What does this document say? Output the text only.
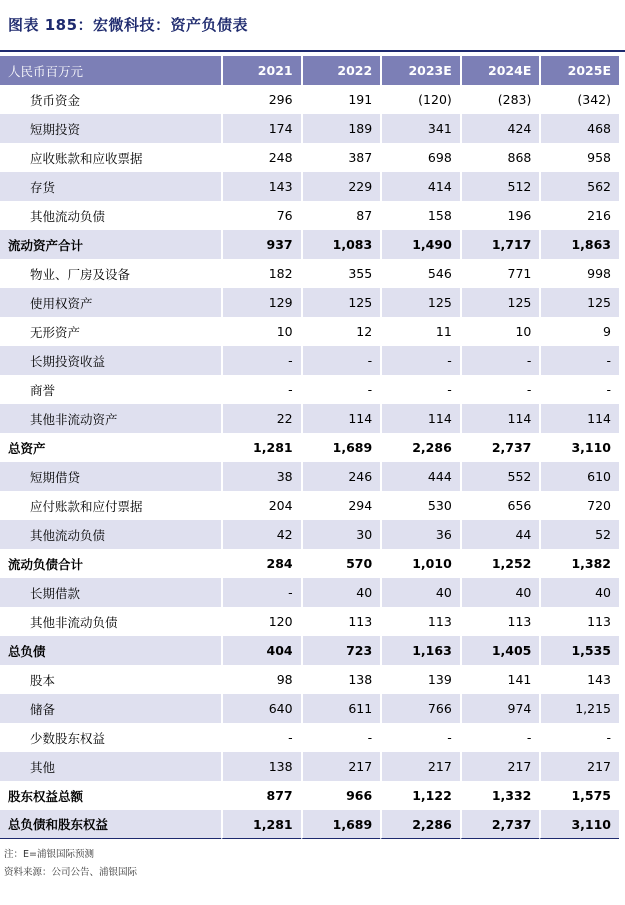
图表 185：宏微科技：资产负债表
人民币百万元	2021	2022	2023E	2024E	2025E
货币资金	296	191	(120)	(283)	(342)
短期投资	174	189	341	424	468
应收账款和应收票据	248	387	698	868	958
存货	143	229	414	512	562
其他流动负债	76	87	158	196	216
流动资产合计	937	1,083	1,490	1,717	1,863
物业、厂房及设备	182	355	546	771	998
使用权资产	129	125	125	125	125
无形资产	10	12	11	10	9
长期投资收益	-	-	-	-	-
商誉	-	-	-	-	-
其他非流动资产	22	114	114	114	114
总资产	1,281	1,689	2,286	2,737	3,110
短期借贷	38	246	444	552	610
应付账款和应付票据	204	294	530	656	720
其他流动负债	42	30	36	44	52
流动负债合计	284	570	1,010	1,252	1,382
长期借款	-	40	40	40	40
其他非流动负债	120	113	113	113	113
总负债	404	723	1,163	1,405	1,535
股本	98	138	139	141	143
储备	640	611	766	974	1,215
少数股东权益	-	-	-	-	-
其他	138	217	217	217	217
股东权益总额	877	966	1,122	1,332	1,575
总负债和股东权益	1,281	1,689	2,286	2,737	3,110
注：E=浦银国际预测
资料来源：公司公告、浦银国际
